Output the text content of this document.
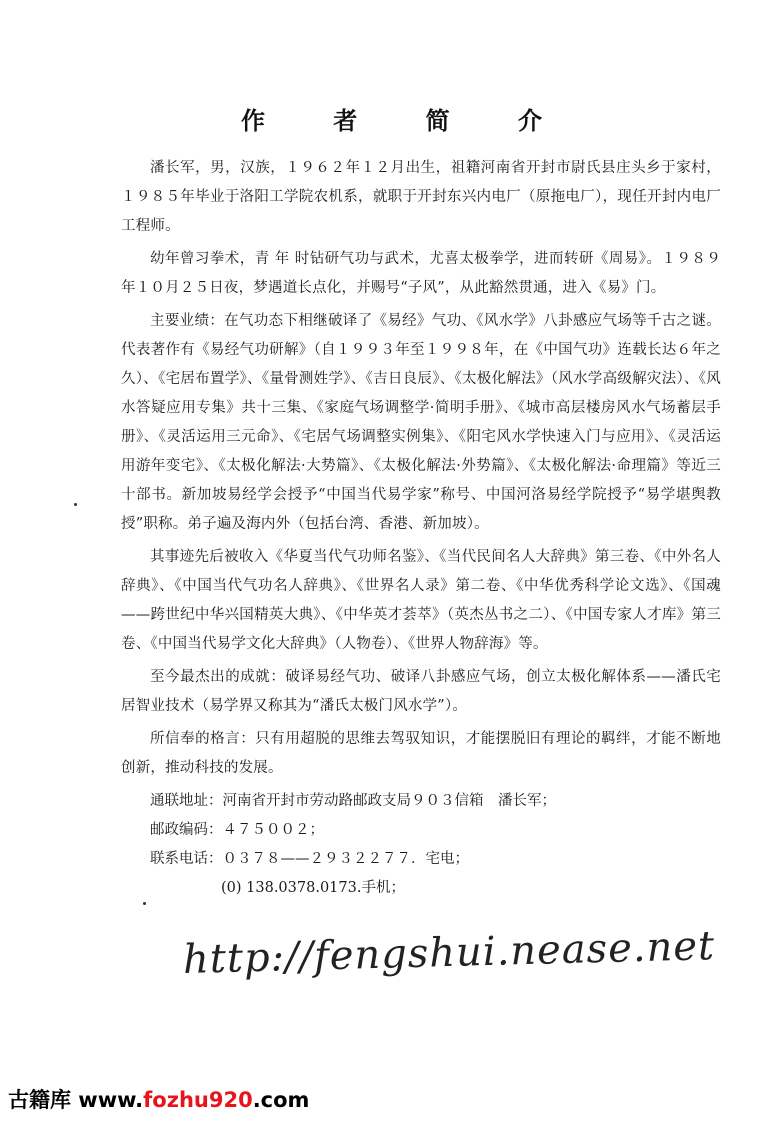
作 者 简 介

潘长军，男，汉族，１９６２年１２月出生，祖籍河南省开封市尉氏县庄头乡于家村，１９８５年毕业于洛阳工学院农机系，就职于开封东兴内电厂（原拖电厂），现任开封内电厂工程师。

幼年曾习拳术，青 年 时钻研气功与武术，尤喜太极拳学，进而转研《周易》。１９８９年１０月２５日夜，梦遇道长点化，并赐号“子风”，从此豁然贯通，进入《易》门。

主要业绩：在气功态下相继破译了《易经》气功、《风水学》八卦感应气场等千古之谜。代表著作有《易经气功研解》（自１９９３年至１９９８年，在《中国气功》连载长达６年之久）、《宅居布置学》、《量骨测姓学》、《吉日良辰》、《太极化解法》（风水学高级解灾法）、《风水答疑应用专集》共十三集、《家庭气场调整学·简明手册》、《城市高层楼房风水气场蓄层手册》、《灵活运用三元命》、《宅居气场调整实例集》、《阳宅风水学快速入门与应用》、《灵活运用游年变宅》、《太极化解法·大势篇》、《太极化解法·外势篇》、《太极化解法·命理篇》等近三十部书。新加坡易经学会授予“中国当代易学家”称号、中国河洛易经学院授予“易学堪舆教授”职称。弟子遍及海内外（包括台湾、香港、新加坡）。

其事迹先后被收入《华夏当代气功师名鉴》、《当代民间名人大辞典》第三卷、《中外名人辞典》、《中国当代气功名人辞典》、《世界名人录》第二卷、《中华优秀科学论文选》、《国魂——跨世纪中华兴国精英大典》、《中华英才荟萃》（英杰丛书之二）、《中国专家人才库》第三卷、《中国当代易学文化大辞典》（人物卷）、《世界人物辞海》等。

至今最杰出的成就：破译易经气功、破译八卦感应气场，创立太极化解体系——潘氏宅居智业技术（易学界又称其为“潘氏太极门风水学”）。

所信奉的格言：只有用超脱的思维去驾驭知识，才能摆脱旧有理论的羁绊，才能不断地创新，推动科技的发展。

通联地址：河南省开封市劳动路邮政支局９０３信箱　潘长军；

邮政编码：４７５００２；

联系电话：０３７８——２９３２２７７．宅电；

(0) 138.0378.0173.手机；

http://fengshui.nease.net
古籍库 www.fozhu920.com
